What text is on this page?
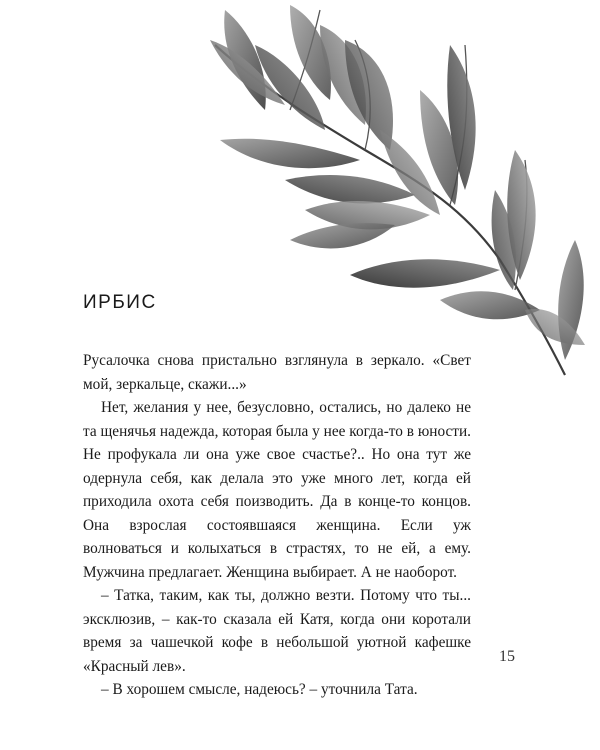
ИРБИС

Русалочка снова пристально взглянула в зеркало. «Свет мой, зеркальце, скажи...»

Нет, желания у нее, безусловно, остались, но далеко не та щенячья надежда, которая была у нее когда-то в юности. Не профукала ли она уже свое счастье?.. Но она тут же одернула себя, как делала это уже много лет, когда ей приходила охота себя поизводить. Да в конце-то концов. Она взрослая состоявшаяся женщина. Если уж волноваться и колыхаться в страстях, то не ей, а ему. Мужчина предлагает. Женщина выбирает. А не наоборот.

– Татка, таким, как ты, должно везти. Потому что ты... эксклюзив, – как-то сказала ей Катя, когда они коротали время за чашечкой кофе в небольшой уютной кафешке «Красный лев».

– В хорошем смысле, надеюсь? – уточнила Тата.

15
